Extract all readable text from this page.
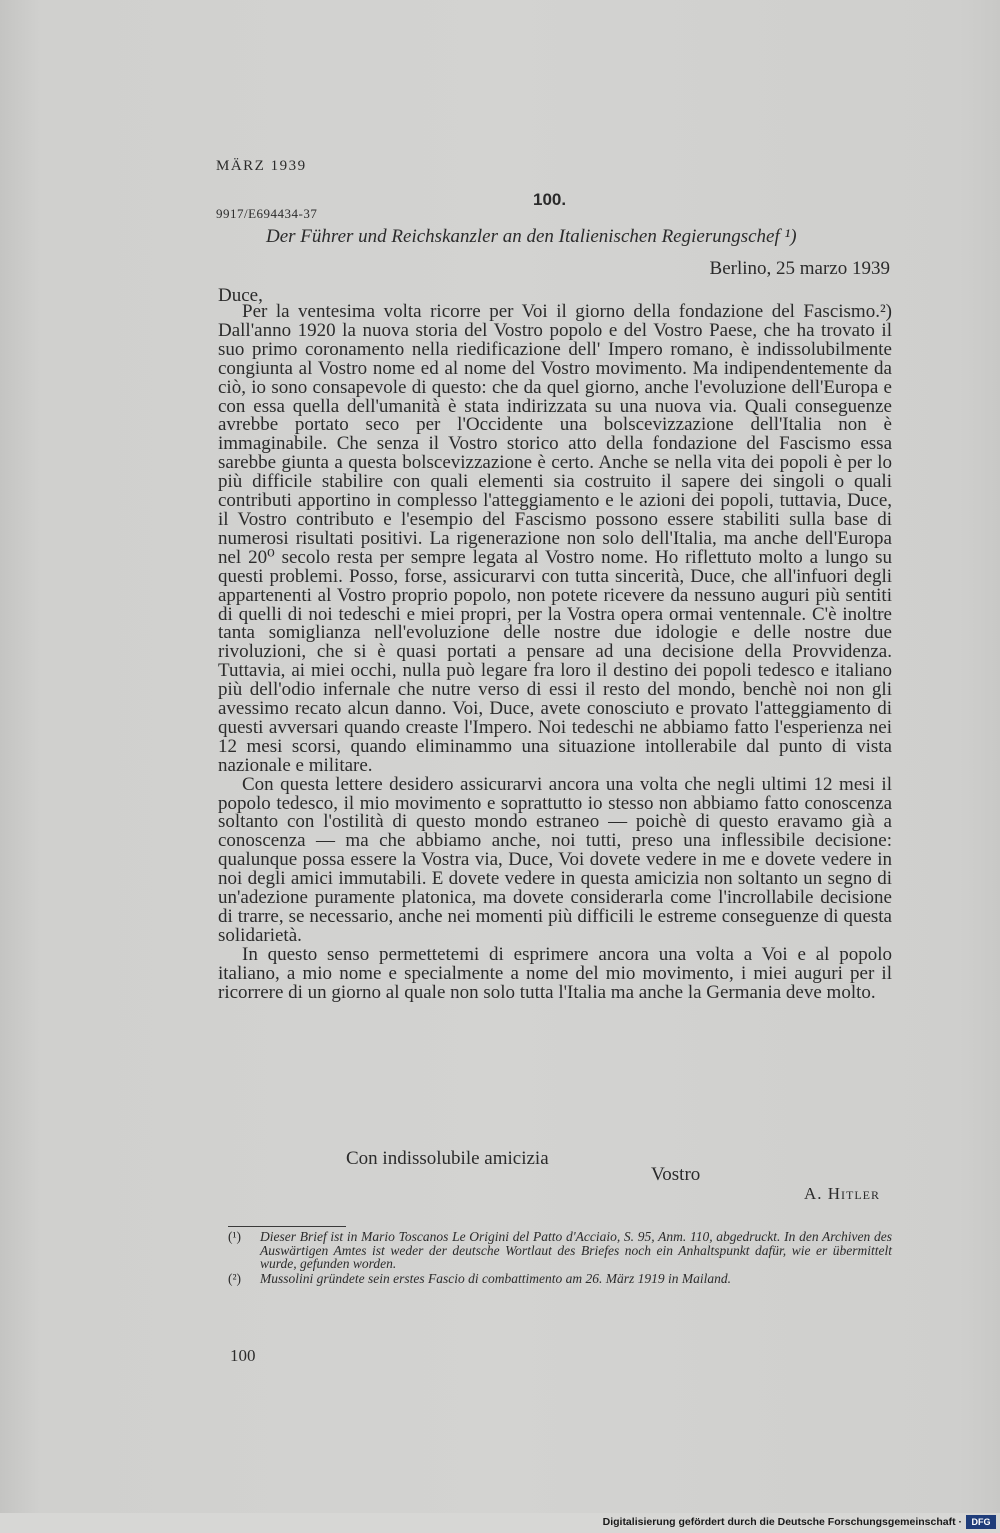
MÄRZ 1939
100.
9917/E694434-37
Der Führer und Reichskanzler an den Italienischen Regierungschef ¹)
Berlino, 25 marzo 1939
Duce,

Per la ventesima volta ricorre per Voi il giorno della fondazione del Fascismo.²) Dall'anno 1920 la nuova storia del Vostro popolo e del Vostro Paese, che ha trovato il suo primo coronamento nella riedificazione dell' Impero romano, è indissolubilmente congiunta al Vostro nome ed al nome del Vostro movimento. Ma indipendentemente da ciò, io sono consapevole di questo: che da quel giorno, anche l'evoluzione dell'Europa e con essa quella dell'umanità è stata indirizzata su una nuova via. Quali conseguenze avrebbe portato seco per l'Occidente una bolscevizzazione dell'Italia non è immaginabile. Che senza il Vostro storico atto della fondazione del Fascismo essa sarebbe giunta a questa bolscevizzazione è certo. Anche se nella vita dei popoli è per lo più difficile stabilire con quali elementi sia costruito il sapere dei singoli o quali contributi apportino in complesso l'atteggiamento e le azioni dei popoli, tuttavia, Duce, il Vostro contributo e l'esempio del Fascismo possono essere stabiliti sulla base di numerosi risultati positivi. La rigenerazione non solo dell'Italia, ma anche dell'Europa nel 20⁰ secolo resta per sempre legata al Vostro nome. Ho riflettuto molto a lungo su questi problemi. Posso, forse, assicurarvi con tutta sincerità, Duce, che all'infuori degli appartenenti al Vostro proprio popolo, non potete ricevere da nessuno auguri più sentiti di quelli di noi tedeschi e miei propri, per la Vostra opera ormai ventennale. C'è inoltre tanta somiglianza nell'evoluzione delle nostre due idologie e delle nostre due rivoluzioni, che si è quasi portati a pensare ad una decisione della Provvidenza. Tuttavia, ai miei occhi, nulla può legare fra loro il destino dei popoli tedesco e italiano più dell'odio infernale che nutre verso di essi il resto del mondo, benchè noi non gli avessimo recato alcun danno. Voi, Duce, avete conosciuto e provato l'atteggiamento di questi avversari quando creaste l'Impero. Noi tedeschi ne abbiamo fatto l'esperienza nei 12 mesi scorsi, quando eliminammo una situazione intollerabile dal punto di vista nazionale e militare.

Con questa lettere desidero assicurarvi ancora una volta che negli ultimi 12 mesi il popolo tedesco, il mio movimento e soprattutto io stesso non abbiamo fatto conoscenza soltanto con l'ostilità di questo mondo estraneo — poichè di questo eravamo già a conoscenza — ma che abbiamo anche, noi tutti, preso una inflessibile decisione: qualunque possa essere la Vostra via, Duce, Voi dovete vedere in me e dovete vedere in noi degli amici immutabili. E dovete vedere in questa amicizia non soltanto un segno di un'adezione puramente platonica, ma dovete considerarla come l'incrollabile decisione di trarre, se necessario, anche nei momenti più difficili le estreme conseguenze di questa solidarietà.

In questo senso permettetemi di esprimere ancora una volta a Voi e al popolo italiano, a mio nome e specialmente a nome del mio movimento, i miei auguri per il ricorrere di un giorno al quale non solo tutta l'Italia ma anche la Germania deve molto.

Con indissolubile amicizia
Vostro
A. Hitler
(¹) Dieser Brief ist in Mario Toscanos Le Origini del Patto d'Acciaio, S. 95, Anm. 110, abgedruckt. In den Archiven des Auswärtigen Amtes ist weder der deutsche Wortlaut des Briefes noch ein Anhaltspunkt dafür, wie er übermittelt wurde, gefunden worden.
(²) Mussolini gründete sein erstes Fascio di combattimento am 26. März 1919 in Mailand.
100
Digitalisierung gefördert durch die Deutsche Forschungsgemeinschaft ·	DFG
